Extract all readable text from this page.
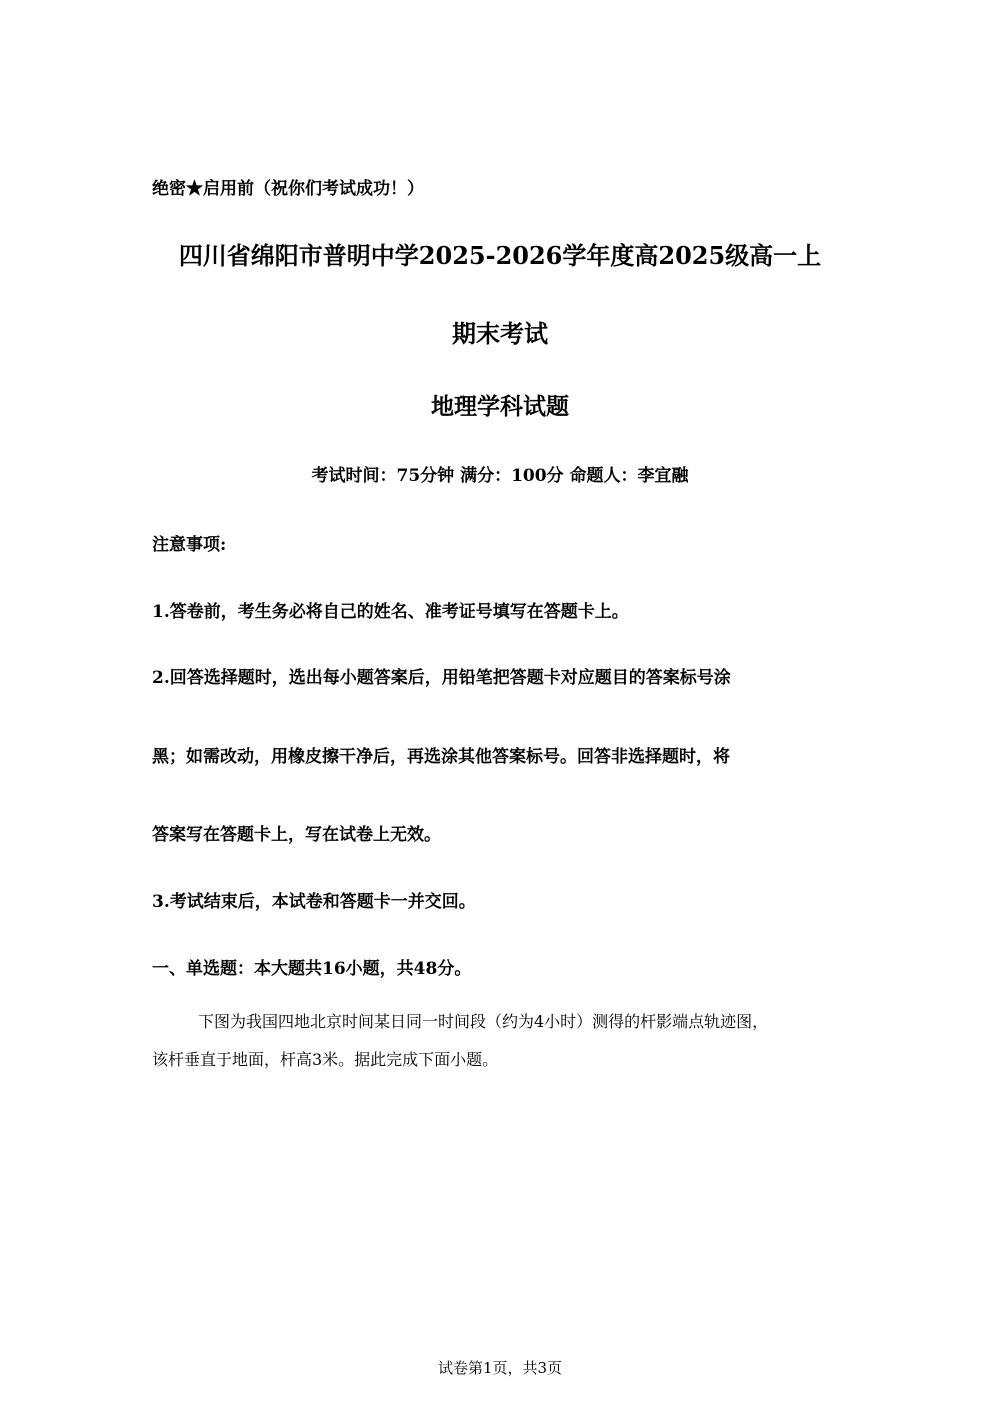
绝密★启用前（祝你们考试成功！）
四川省绵阳市普明中学2025-2026学年度高2025级高一上
期末考试
地理学科试题
考试时间：75分钟 满分：100分 命题人：李宜融
注意事项:
1.答卷前，考生务必将自己的姓名、准考证号填写在答题卡上。
2.回答选择题时，选出每小题答案后，用铅笔把答题卡对应题目的答案标号涂
黑；如需改动，用橡皮擦干净后，再选涂其他答案标号。回答非选择题时，将
答案写在答题卡上，写在试卷上无效。
3.考试结束后，本试卷和答题卡一并交回。
一、单选题：本大题共16小题，共48分。
下图为我国四地北京时间某日同一时间段（约为4小时）测得的杆影端点轨迹图，
该杆垂直于地面，杆高3米。据此完成下面小题。
试卷第1页，共3页
